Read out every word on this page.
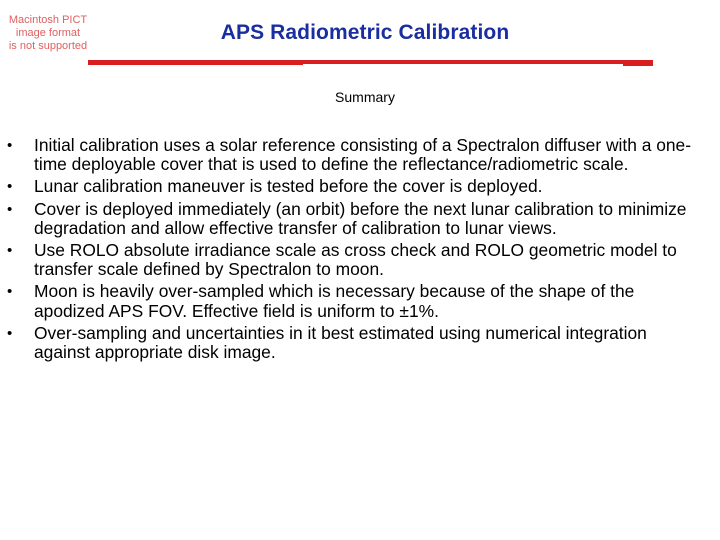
Macintosh PICT
image format
is not supported
APS Radiometric Calibration
Summary
• Initial calibration uses a solar reference consisting of a Spectralon diffuser with a one-time deployable cover that is used to define the reflectance/radiometric scale.
• Lunar calibration maneuver is tested before the cover is deployed.
• Cover is deployed immediately (an orbit) before the next lunar calibration to minimize degradation and allow effective transfer of calibration to lunar views.
• Use ROLO absolute irradiance scale as cross check and ROLO geometric model to transfer scale defined by Spectralon to moon.
• Moon is heavily over-sampled which is necessary because of the shape of the apodized APS FOV. Effective field is uniform to ±1%.
• Over-sampling and uncertainties in it best estimated using numerical integration against appropriate disk image.
